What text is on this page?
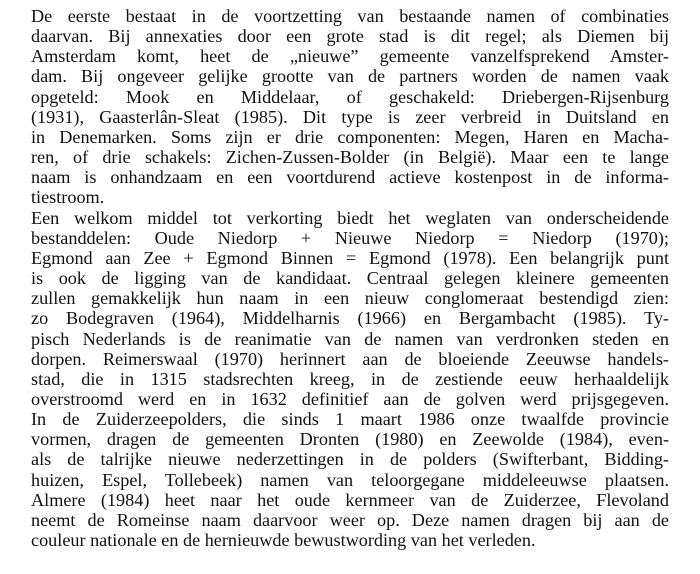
De eerste bestaat in de voortzetting van bestaande namen of combinaties
daarvan. Bij annexaties door een grote stad is dit regel; als Diemen bij
Amsterdam komt, heet de „nieuwe” gemeente vanzelfsprekend Amster-
dam. Bij ongeveer gelijke grootte van de partners worden de namen vaak
opgeteld: Mook en Middelaar, of geschakeld: Driebergen-Rijsenburg
(1931), Gaasterlân-Sleat (1985). Dit type is zeer verbreid in Duitsland en
in Denemarken. Soms zijn er drie componenten: Megen, Haren en Macha-
ren, of drie schakels: Zichen-Zussen-Bolder (in België). Maar een te lange
naam is onhandzaam en een voortdurend actieve kostenpost in de informa-
tiestroom.

Een welkom middel tot verkorting biedt het weglaten van onderscheidende
bestanddelen: Oude Niedorp + Nieuwe Niedorp = Niedorp (1970);
Egmond aan Zee + Egmond Binnen = Egmond (1978). Een belangrijk punt
is ook de ligging van de kandidaat. Centraal gelegen kleinere gemeenten
zullen gemakkelijk hun naam in een nieuw conglomeraat bestendigd zien:
zo Bodegraven (1964), Middelharnis (1966) en Bergambacht (1985). Ty-
pisch Nederlands is de reanimatie van de namen van verdronken steden en
dorpen. Reimerswaal (1970) herinnert aan de bloeiende Zeeuwse handels-
stad, die in 1315 stadsrechten kreeg, in de zestiende eeuw herhaaldelijk
overstroomd werd en in 1632 definitief aan de golven werd prijsgegeven.
In de Zuiderzeepolders, die sinds 1 maart 1986 onze twaalfde provincie
vormen, dragen de gemeenten Dronten (1980) en Zeewolde (1984), even-
als de talrijke nieuwe nederzettingen in de polders (Swifterbant, Bidding-
huizen, Espel, Tollebeek) namen van teloorgegane middeleeuwse plaatsen.
Almere (1984) heet naar het oude kernmeer van de Zuiderzee, Flevoland
neemt de Romeinse naam daarvoor weer op. Deze namen dragen bij aan de
couleur nationale en de hernieuwde bewustwording van het verleden.
